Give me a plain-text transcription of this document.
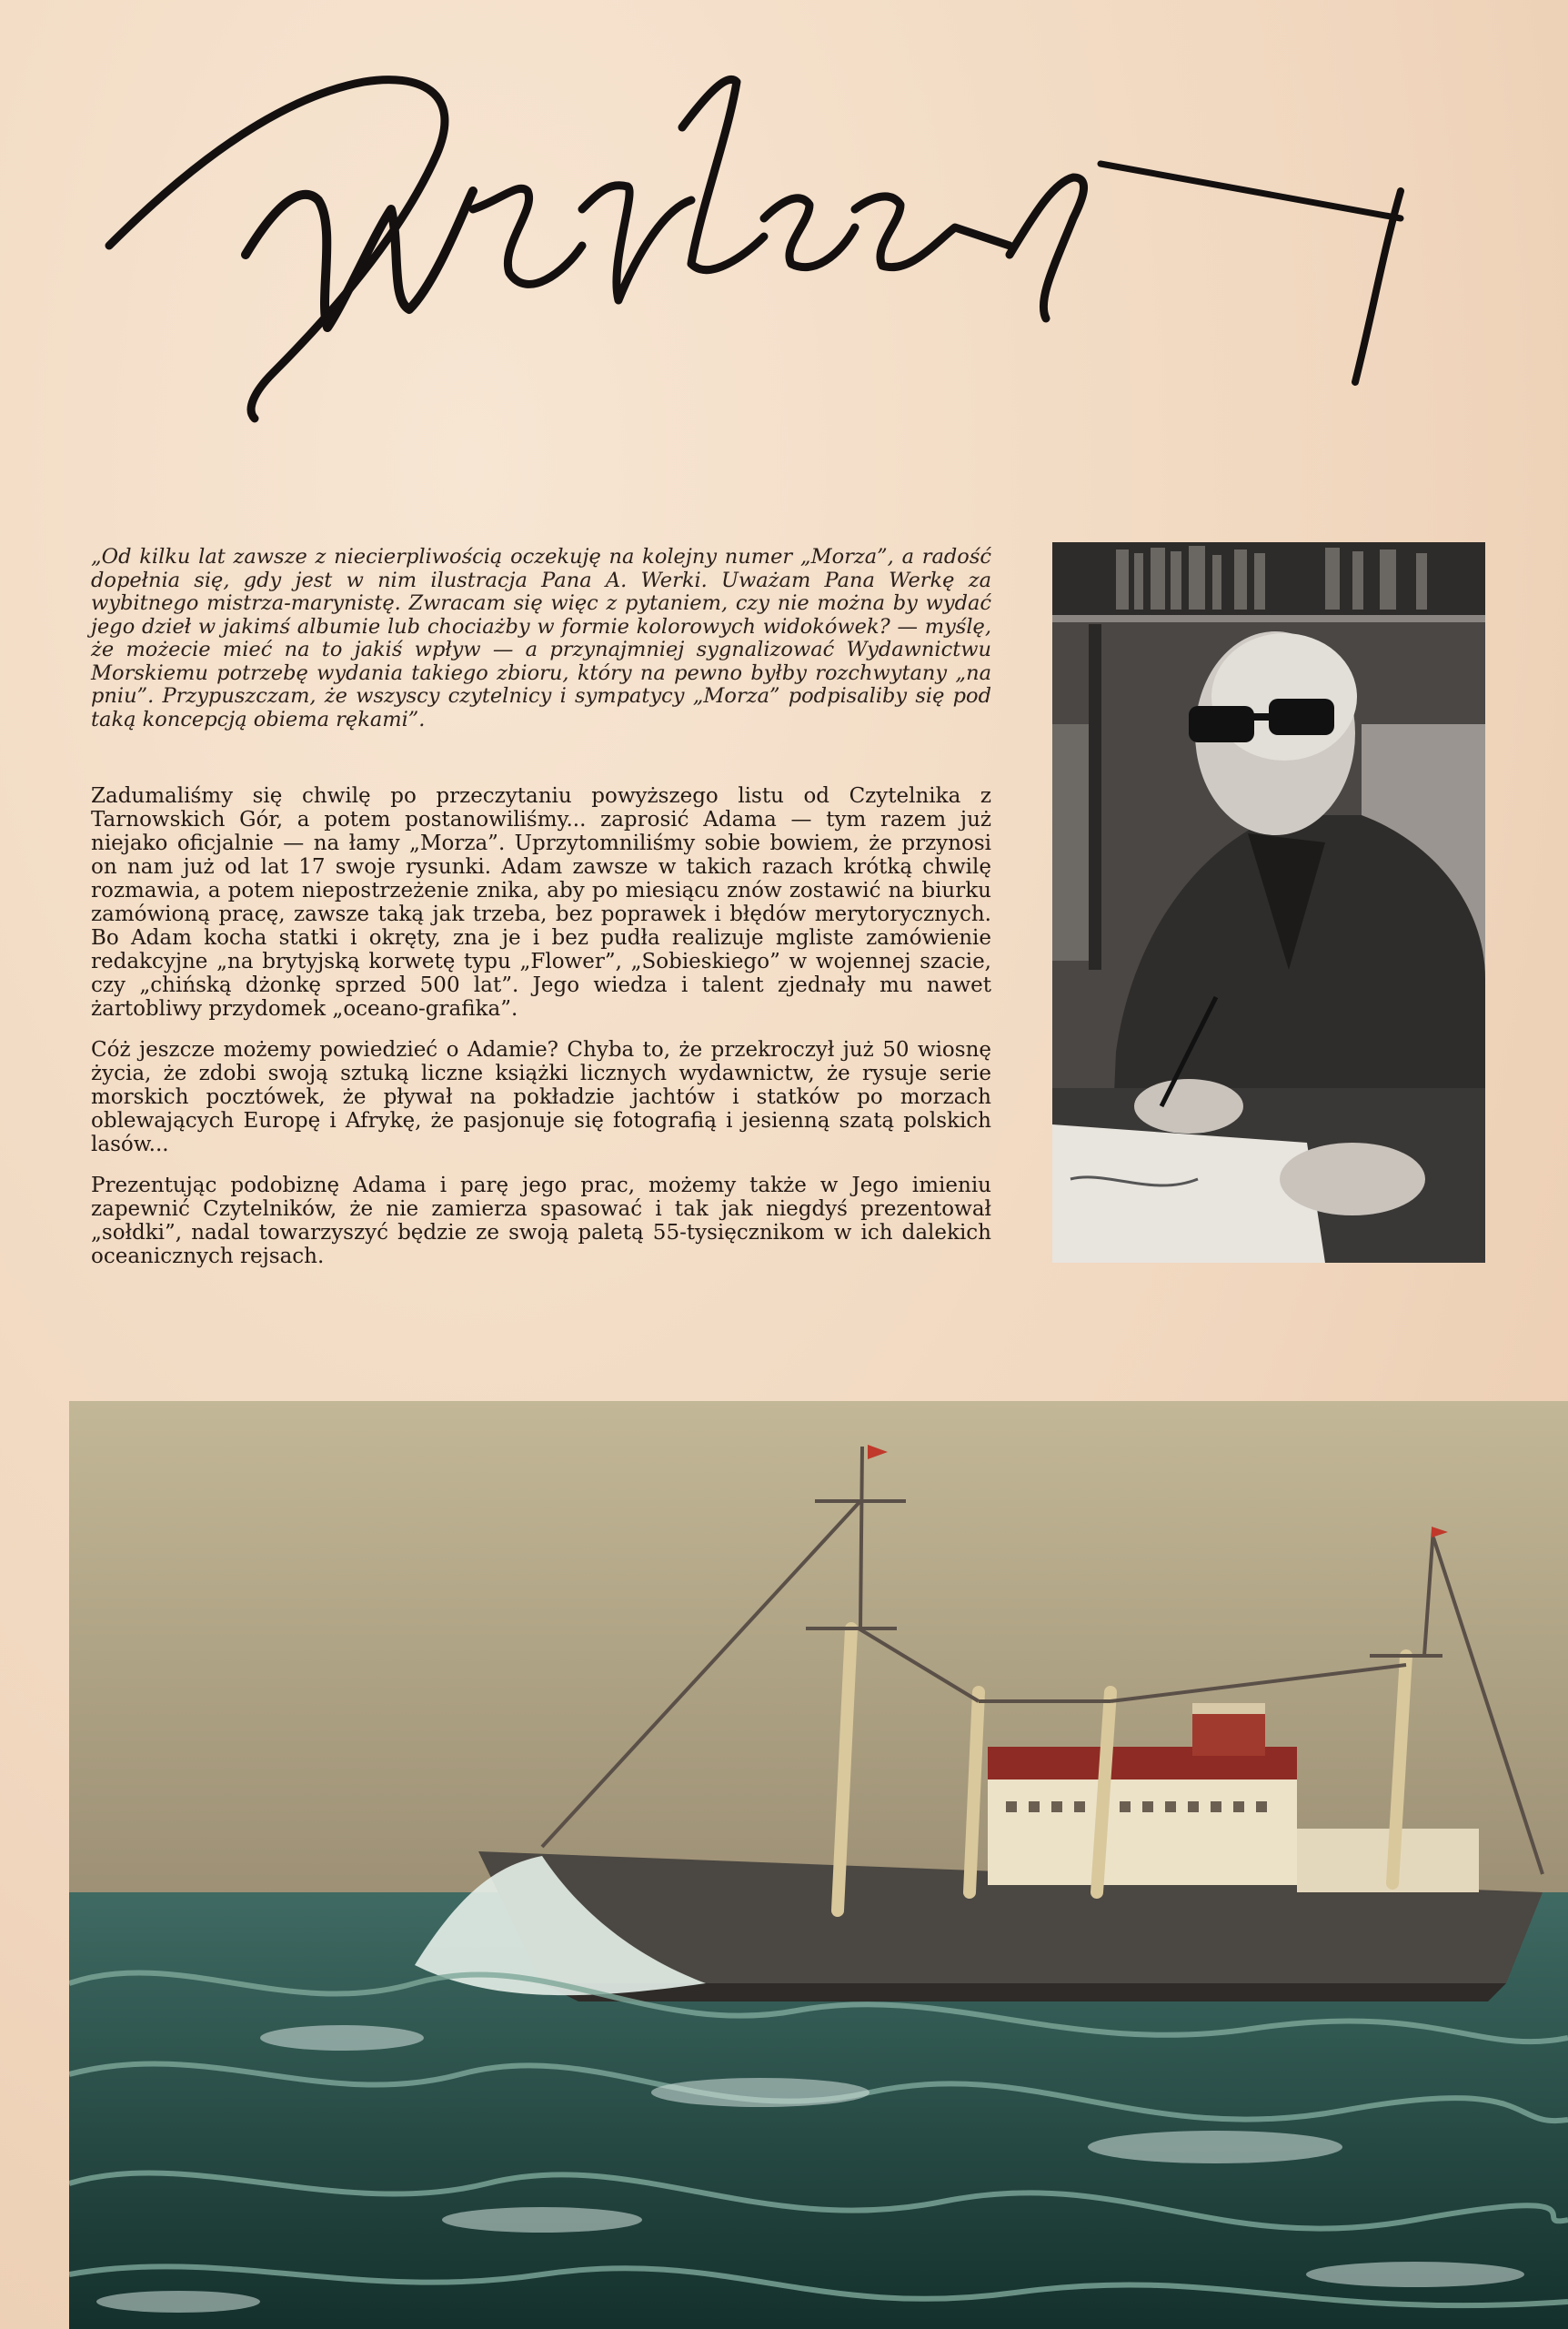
„Od kilku lat zawsze z niecierpliwością oczekuję na kolejny numer „Morza”, a radość dopełnia się, gdy jest w nim ilustracja Pana A. Werki. Uważam Pana Werkę za wybitnego mistrza-marynistę. Zwracam się więc z pytaniem, czy nie można by wydać jego dzieł w jakimś albumie lub chociażby w formie kolorowych widokówek? — myślę, że możecie mieć na to jakiś wpływ — a przynajmniej sygnalizować Wydawnictwu Morskiemu potrzebę wydania takiego zbioru, który na pewno byłby rozchwytany „na pniu”. Przypuszczam, że wszyscy czytelnicy i sympatycy „Morza” podpisaliby się pod taką koncepcją obiema rękami”.

Zadumaliśmy się chwilę po przeczytaniu powyższego listu od Czytelnika z Tarnowskich Gór, a potem postanowiliśmy... zaprosić Adama — tym razem już niejako oficjalnie — na łamy „Morza”. Uprzytomniliśmy sobie bowiem, że przynosi on nam już od lat 17 swoje rysunki. Adam zawsze w takich razach krótką chwilę rozmawia, a potem niepostrzeżenie znika, aby po miesiącu znów zostawić na biurku zamówioną pracę, zawsze taką jak trzeba, bez poprawek i błędów merytorycznych. Bo Adam kocha statki i okręty, zna je i bez pudła realizuje mgliste zamówienie redakcyjne „na brytyjską korwetę typu „Flower”, „Sobieskiego” w wojennej szacie, czy „chińską dżonkę sprzed 500 lat”. Jego wiedza i talent zjednały mu nawet żartobliwy przydomek „oceano-grafika”.

Cóż jeszcze możemy powiedzieć o Adamie? Chyba to, że przekroczył już 50 wiosnę życia, że zdobi swoją sztuką liczne książki licznych wydawnictw, że rysuje serie morskich pocztówek, że pływał na pokładzie jachtów i statków po morzach oblewających Europę i Afrykę, że pasjonuje się fotografią i jesienną szatą polskich lasów...

Prezentując podobiznę Adama i parę jego prac, możemy także w Jego imieniu zapewnić Czytelników, że nie zamierza spasować i tak jak niegdyś prezentował „sołdki”, nadal towarzyszyć będzie ze swoją paletą 55-tysięcznikom w ich dalekich oceanicznych rejsach.
